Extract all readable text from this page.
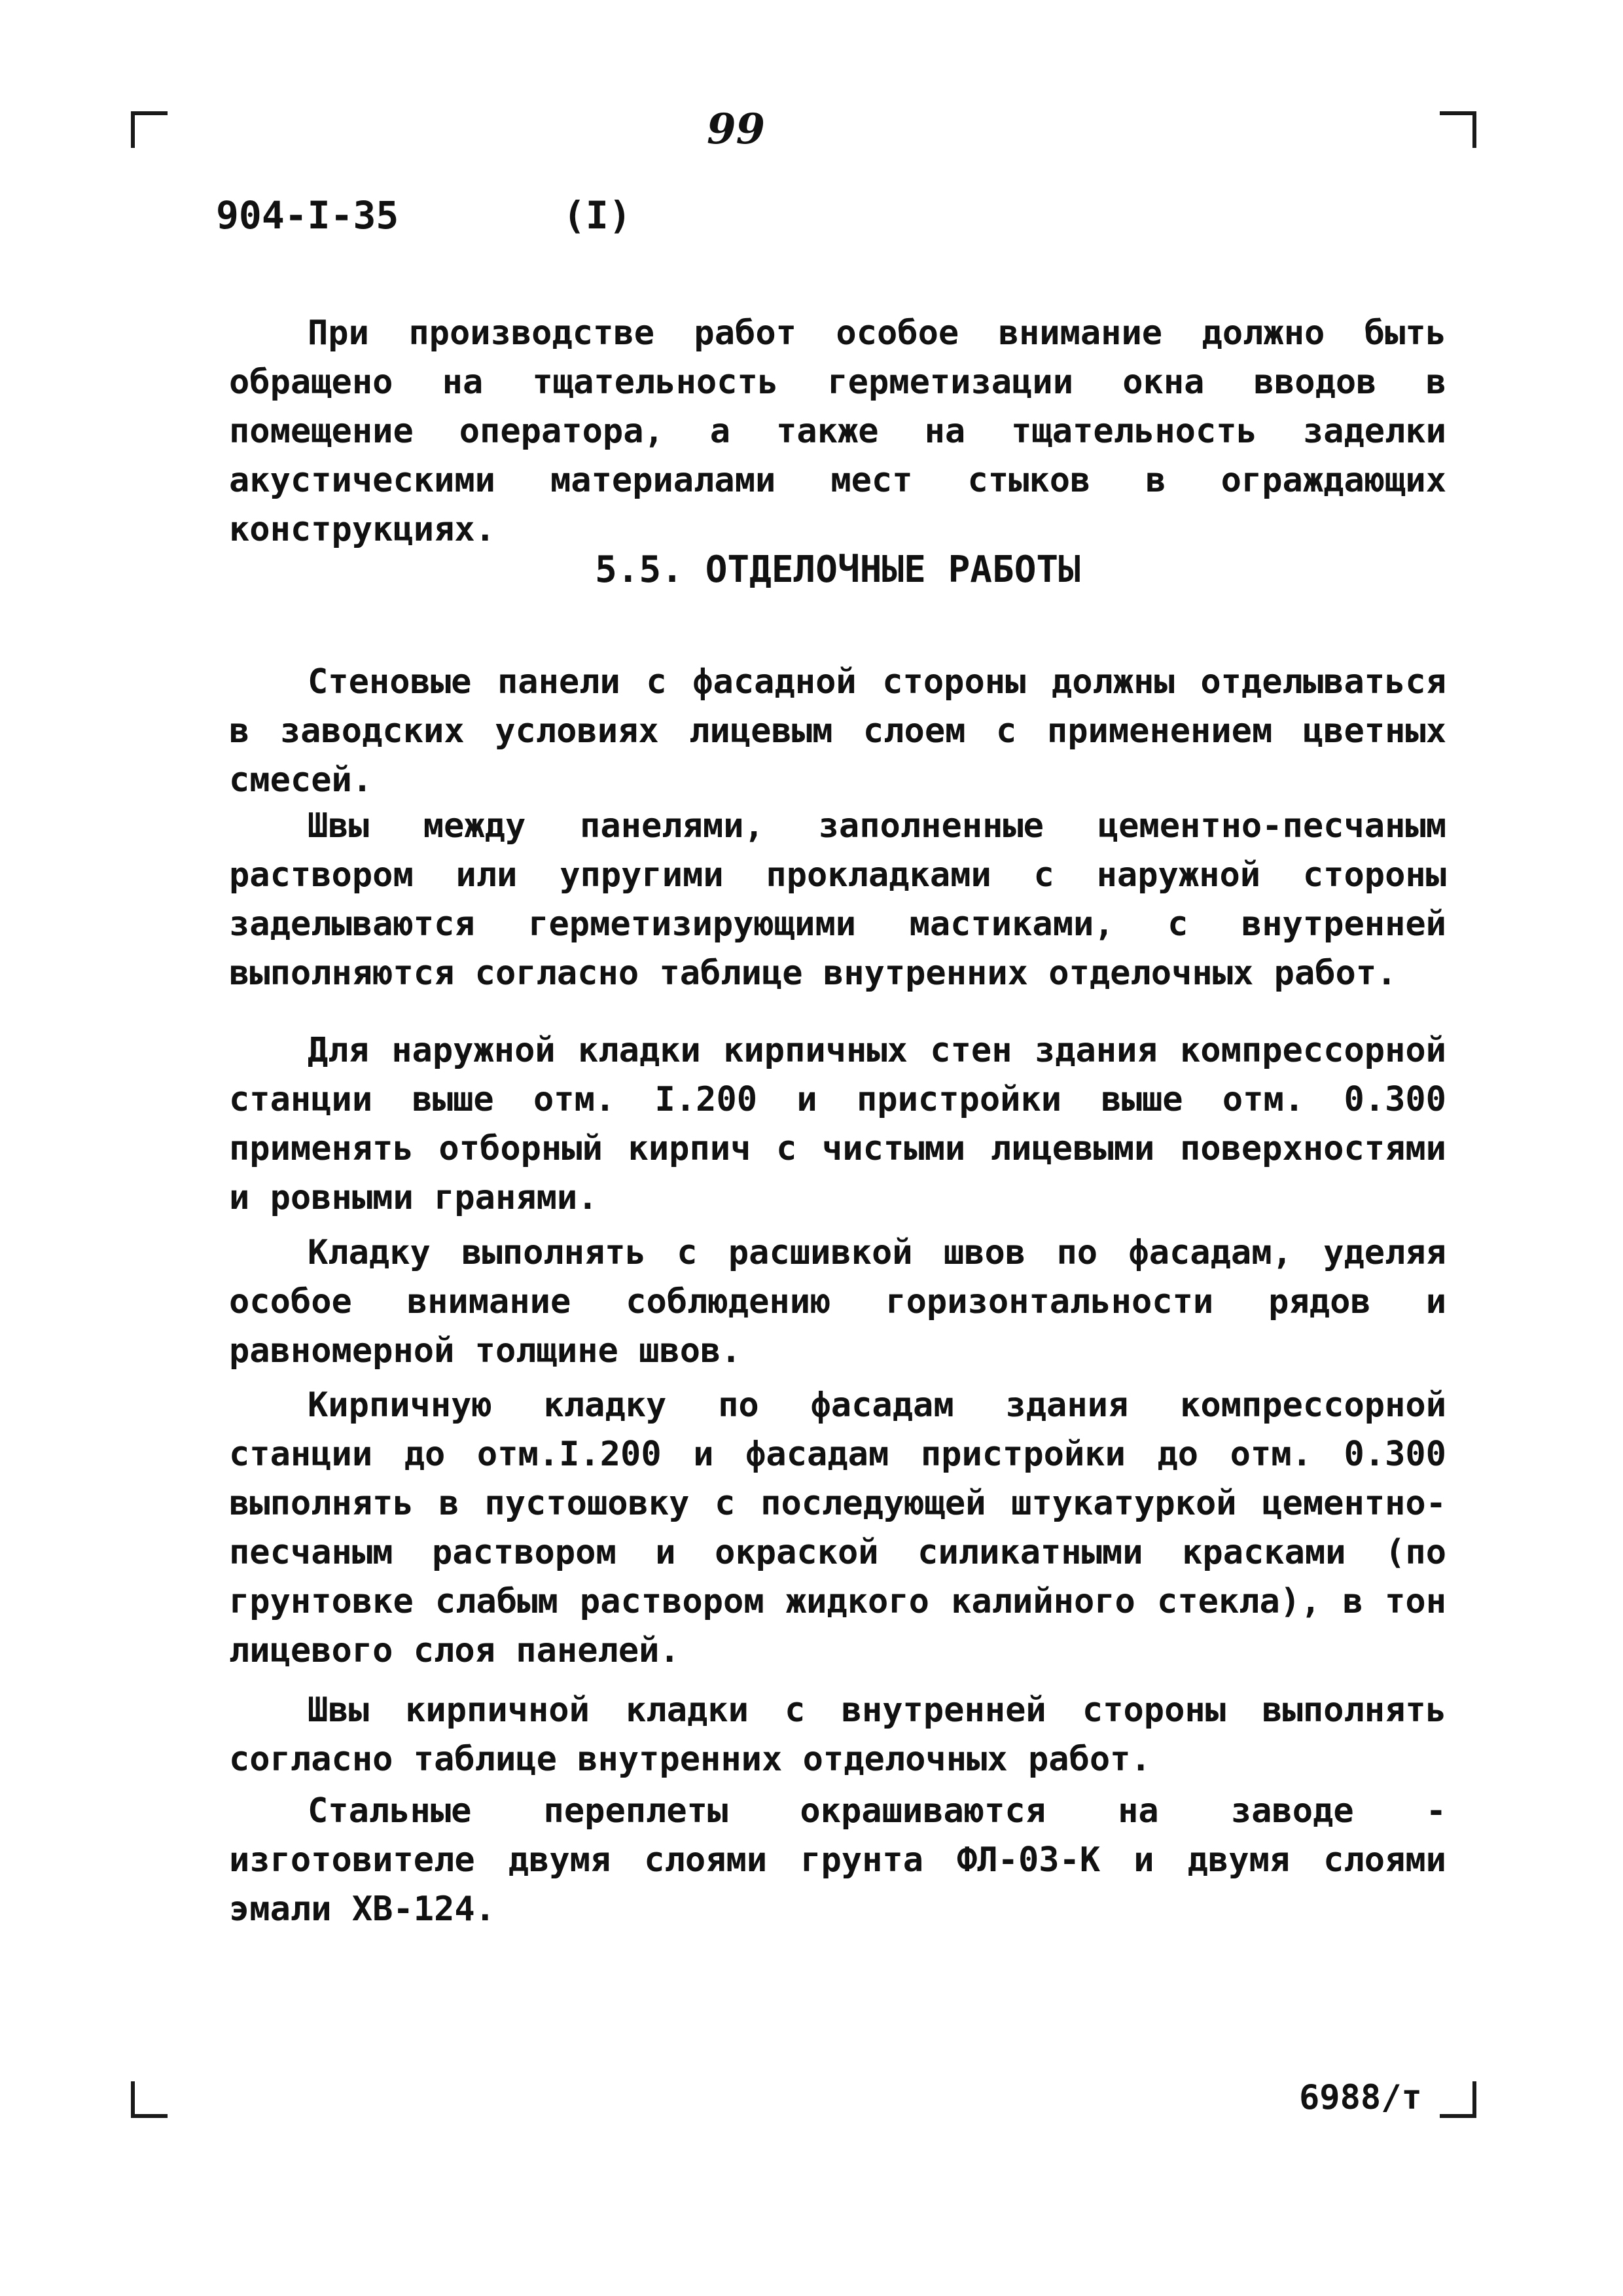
99
904-I-35	(I)

При производстве работ особое внимание должно быть обращено на тщательность герметизации окна вводов в помещение оператора, а также на тщательность заделки акустическими материалами мест стыков в ограждающих конструкциях.

5.5. ОТДЕЛОЧНЫЕ РАБОТЫ

Стеновые панели с фасадной стороны должны отделываться в заводских условиях лицевым слоем с применением цветных смесей.

Швы между панелями, заполненные цементно-песчаным раствором или упругими прокладками с наружной стороны заделываются герметизирующими мастиками, с внутренней выполняются согласно таблице внутренних отделочных работ.

Для наружной кладки кирпичных стен здания компрессорной станции выше отм. I.200 и пристройки выше отм. 0.300 применять отборный кирпич с чистыми лицевыми поверхностями и ровными гранями.

Кладку выполнять с расшивкой швов по фасадам, уделяя особое внимание соблюдению горизонтальности рядов и равномерной толщине швов.

Кирпичную кладку по фасадам здания компрессорной станции до отм.I.200 и фасадам пристройки до отм. 0.300 выполнять в пустошовку с последующей штукатуркой цементно-песчаным раствором и окраской силикатными красками (по грунтовке слабым раствором жидкого калийного стекла), в тон лицевого слоя панелей.

Швы кирпичной кладки с внутренней стороны выполнять согласно таблице внутренних отделочных работ.

Стальные переплеты окрашиваются на заводе - изготовителе двумя слоями грунта ФЛ-03-К и двумя слоями эмали ХВ-124.

6988/т
